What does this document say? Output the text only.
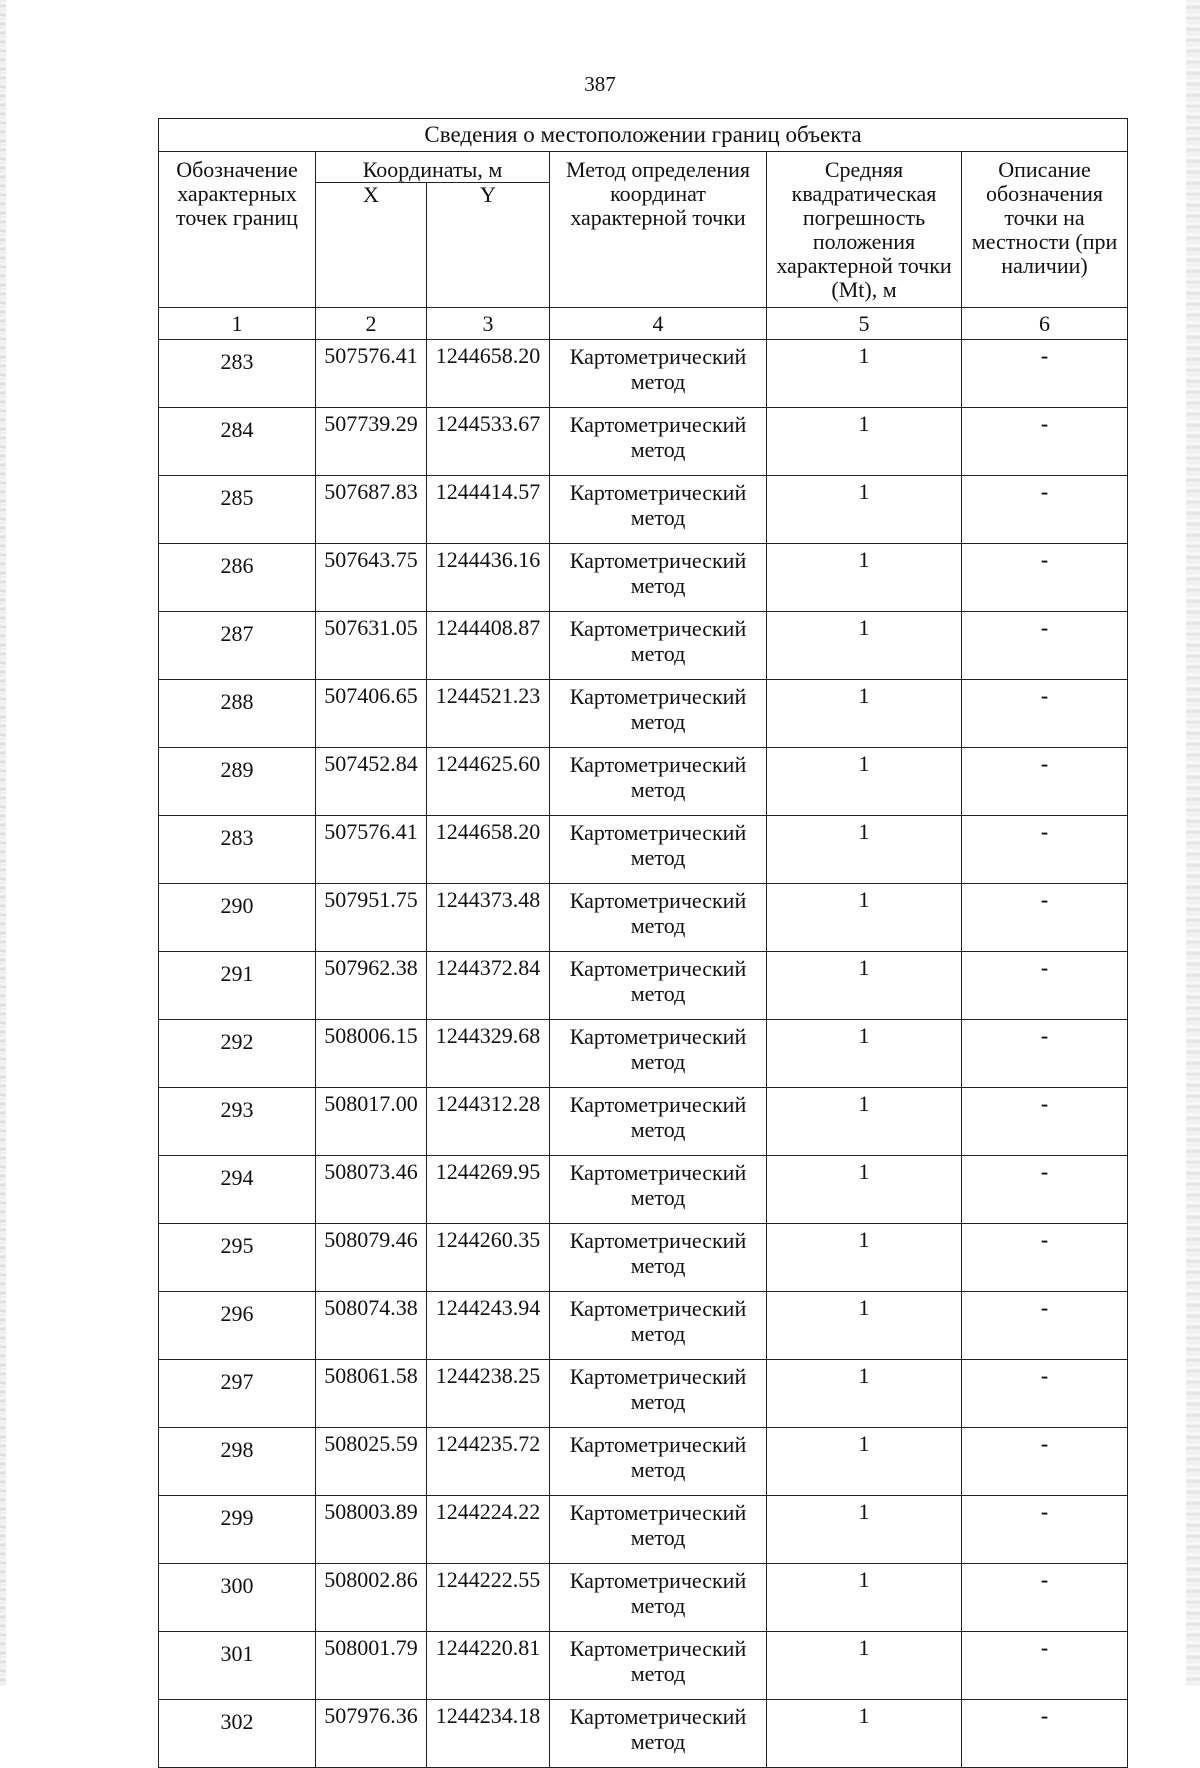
387
Сведения о местоположении границ объекта					
Обозначение характерных точек границ	Координаты, м		Метод определения координат характерной точки	Средняя квадратическая погрешность положения характерной точки (Mt), м	Описание обозначения точки на местности (при наличии)
	X	Y			
1	2	3	4	5	6
283	507576.41	1244658.20	Картометрический метод	1	-
284	507739.29	1244533.67	Картометрический метод	1	-
285	507687.83	1244414.57	Картометрический метод	1	-
286	507643.75	1244436.16	Картометрический метод	1	-
287	507631.05	1244408.87	Картометрический метод	1	-
288	507406.65	1244521.23	Картометрический метод	1	-
289	507452.84	1244625.60	Картометрический метод	1	-
283	507576.41	1244658.20	Картометрический метод	1	-
290	507951.75	1244373.48	Картометрический метод	1	-
291	507962.38	1244372.84	Картометрический метод	1	-
292	508006.15	1244329.68	Картометрический метод	1	-
293	508017.00	1244312.28	Картометрический метод	1	-
294	508073.46	1244269.95	Картометрический метод	1	-
295	508079.46	1244260.35	Картометрический метод	1	-
296	508074.38	1244243.94	Картометрический метод	1	-
297	508061.58	1244238.25	Картометрический метод	1	-
298	508025.59	1244235.72	Картометрический метод	1	-
299	508003.89	1244224.22	Картометрический метод	1	-
300	508002.86	1244222.55	Картометрический метод	1	-
301	508001.79	1244220.81	Картометрический метод	1	-
302	507976.36	1244234.18	Картометрический метод	1	-
